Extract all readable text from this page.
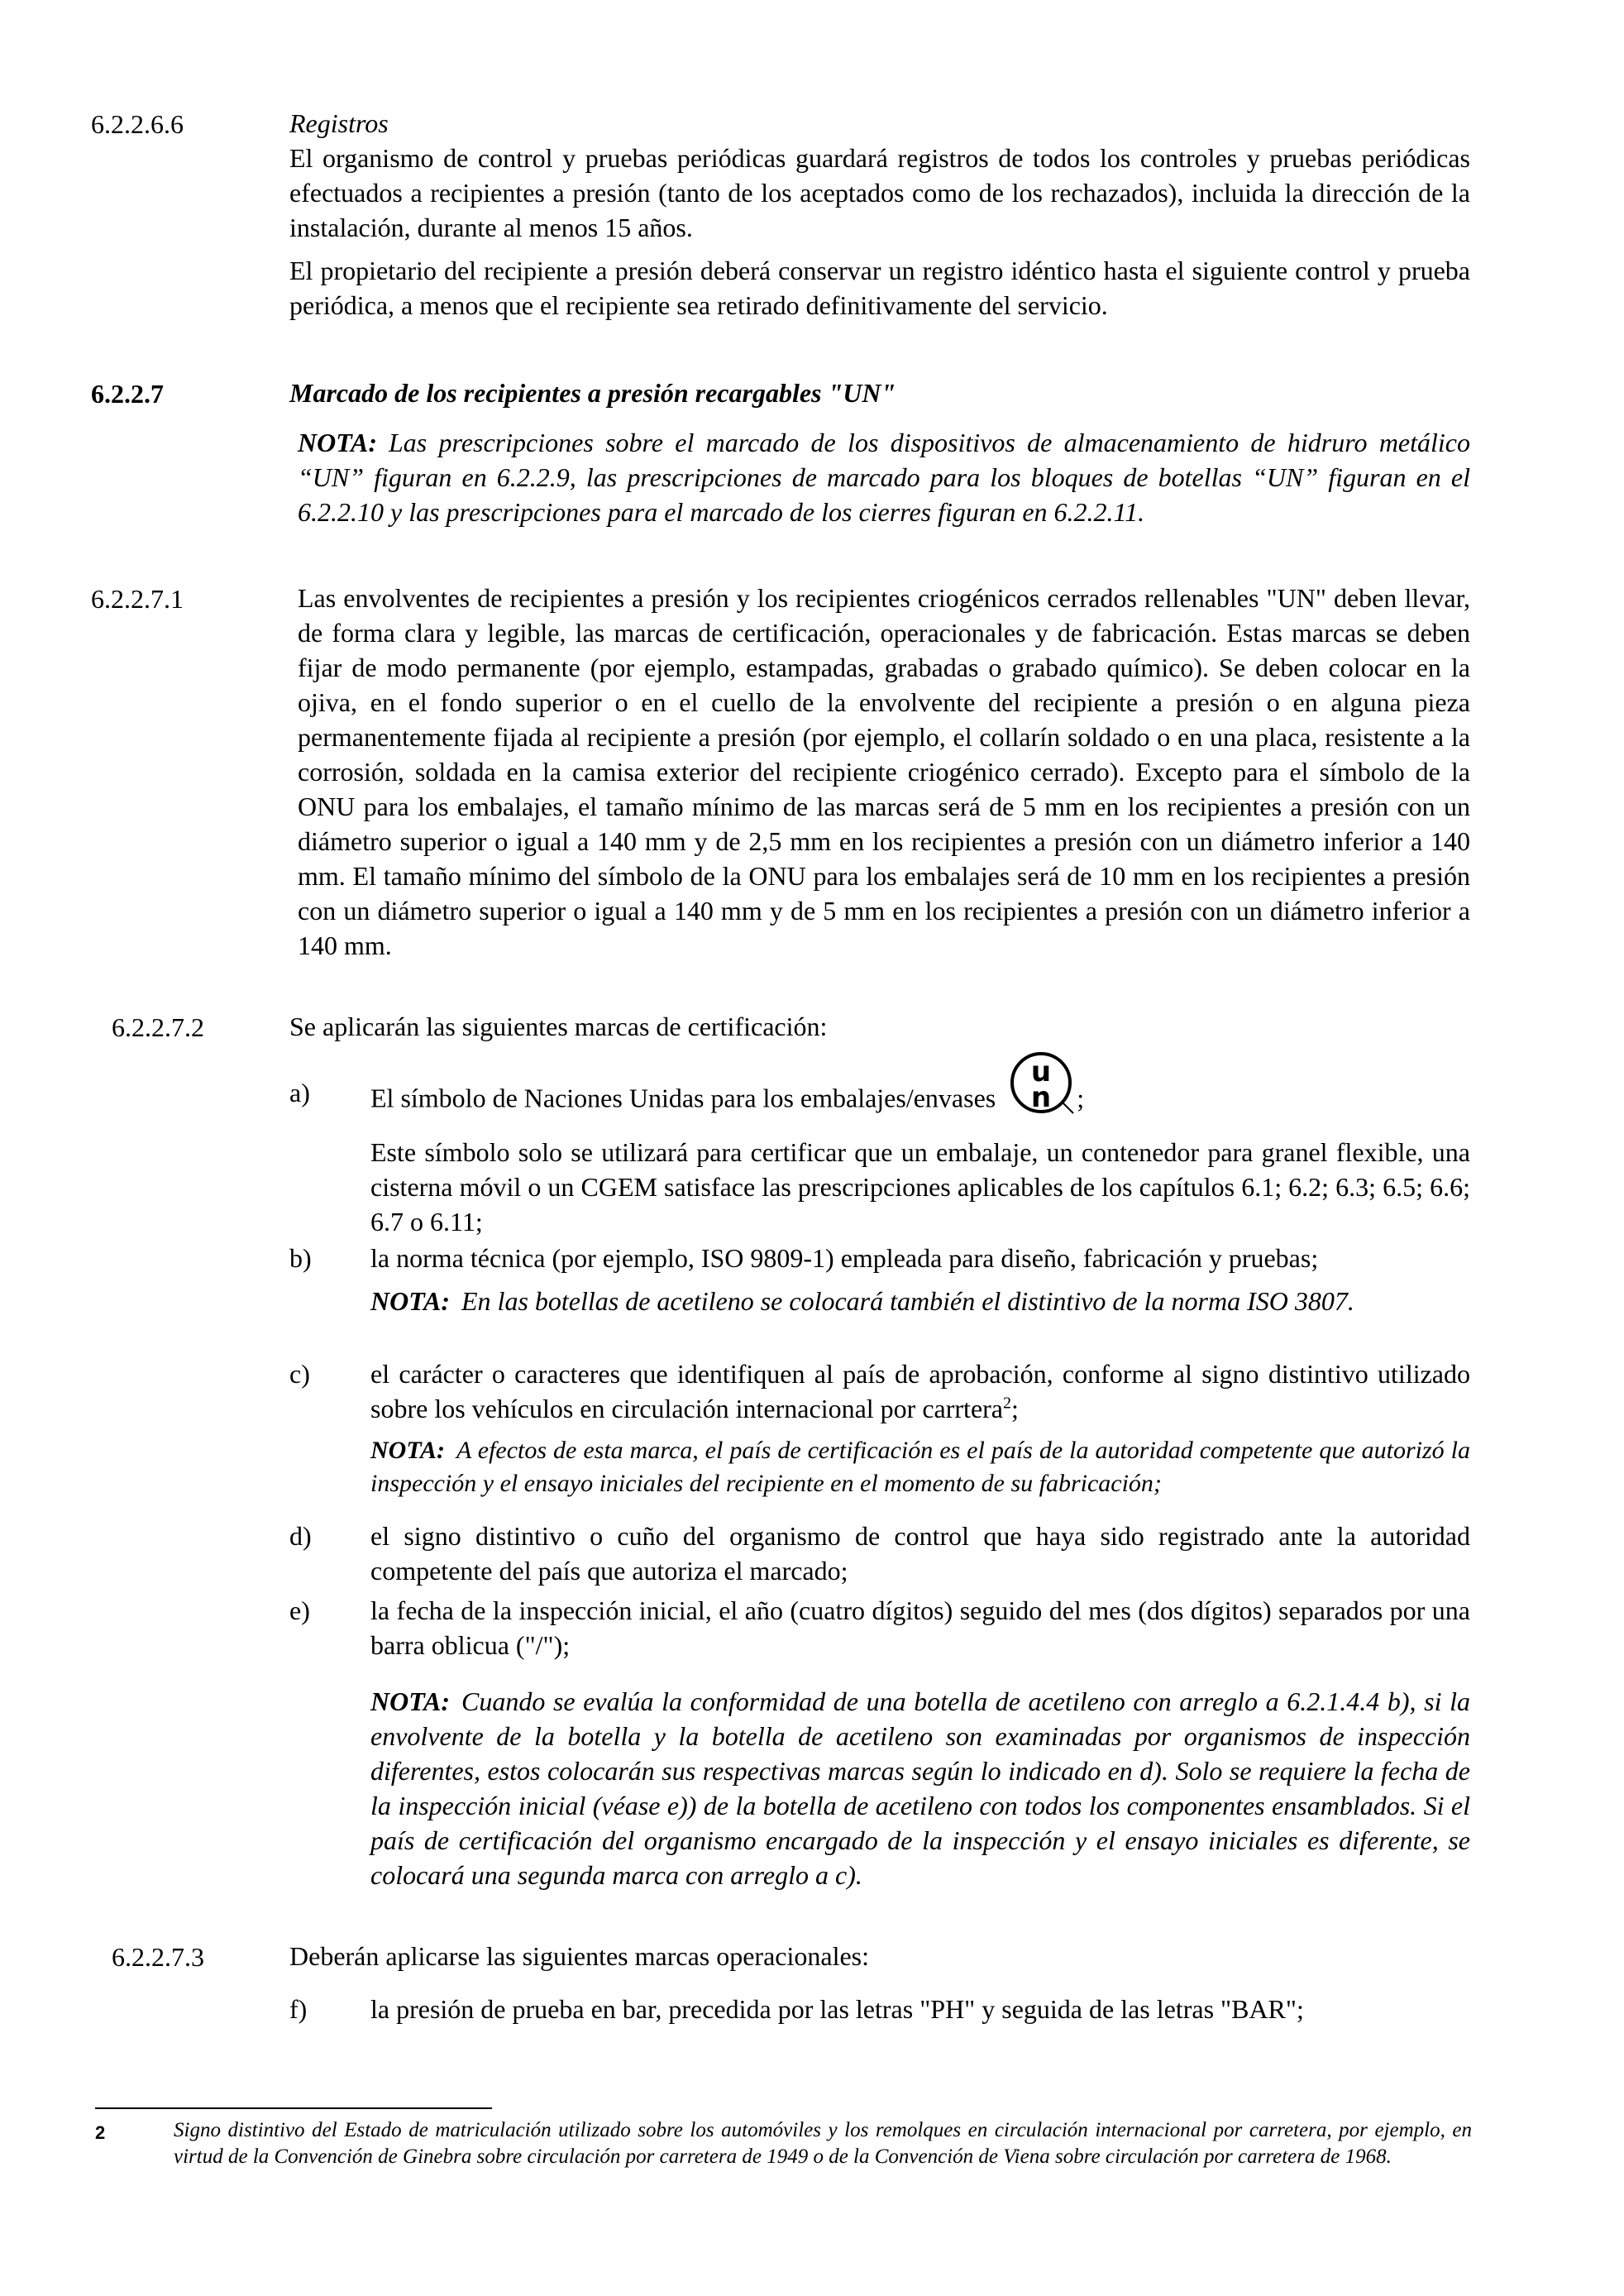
6.2.2.6.6	Registros

El organismo de control y pruebas periódicas guardará registros de todos los controles y pruebas periódicas efectuados a recipientes a presión (tanto de los aceptados como de los rechazados), incluida la dirección de la instalación, durante al menos 15 años.

El propietario del recipiente a presión deberá conservar un registro idéntico hasta el siguiente control y prueba periódica, a menos que el recipiente sea retirado definitivamente del servicio.

6.2.2.7	Marcado de los recipientes a presión recargables "UN"
NOTA: Las prescripciones sobre el marcado de los dispositivos de almacenamiento de hidruro metálico “UN” figuran en 6.2.2.9, las prescripciones de marcado para los bloques de botellas “UN” figuran en el 6.2.2.10 y las prescripciones para el marcado de los cierres figuran en 6.2.2.11.
6.2.2.7.1	Las envolventes de recipientes a presión y los recipientes criogénicos cerrados rellenables "UN" deben llevar, de forma clara y legible, las marcas de certificación, operacionales y de fabricación. Estas marcas se deben fijar de modo permanente (por ejemplo, estampadas, grabadas o grabado químico). Se deben colocar en la ojiva, en el fondo superior o en el cuello de la envolvente del recipiente a presión o en alguna pieza permanentemente fijada al recipiente a presión (por ejemplo, el collarín soldado o en una placa, resistente a la corrosión, soldada en la camisa exterior del recipiente criogénico cerrado). Excepto para el símbolo de la ONU para los embalajes, el tamaño mínimo de las marcas será de 5 mm en los recipientes a presión con un diámetro superior o igual a 140 mm y de 2,5 mm en los recipientes a presión con un diámetro inferior a 140 mm. El tamaño mínimo del símbolo de la ONU para los embalajes será de 10 mm en los recipientes a presión con un diámetro superior o igual a 140 mm y de 5 mm en los recipientes a presión con un diámetro inferior a 140 mm.
6.2.2.7.2	Se aplicarán las siguientes marcas de certificación:
a)	El símbolo de Naciones Unidas para los embalajes/envases
u
n ;

Este símbolo solo se utilizará para certificar que un embalaje, un contenedor para granel flexible, una cisterna móvil o un CGEM satisface las prescripciones aplicables de los capítulos 6.1; 6.2; 6.3; 6.5; 6.6; 6.7 o 6.11;

b)	la norma técnica (por ejemplo, ISO 9809-1) empleada para diseño, fabricación y pruebas;

NOTA: En las botellas de acetileno se colocará también el distintivo de la norma ISO 3807.

c)	el carácter o caracteres que identifiquen al país de aprobación, conforme al signo distintivo utilizado sobre los vehículos en circulación internacional por carrtera$^2$;

NOTA: A efectos de esta marca, el país de certificación es el país de la autoridad competente que autorizó la inspección y el ensayo iniciales del recipiente en el momento de su fabricación;

d)	el signo distintivo o cuño del organismo de control que haya sido registrado ante la autoridad competente del país que autoriza el marcado;

e)	la fecha de la inspección inicial, el año (cuatro dígitos) seguido del mes (dos dígitos) separados por una barra oblicua ("/");

NOTA: Cuando se evalúa la conformidad de una botella de acetileno con arreglo a 6.2.1.4.4 b), si la envolvente de la botella y la botella de acetileno son examinadas por organismos de inspección diferentes, estos colocarán sus respectivas marcas según lo indicado en d). Solo se requiere la fecha de la inspección inicial (véase e)) de la botella de acetileno con todos los componentes ensamblados. Si el país de certificación del organismo encargado de la inspección y el ensayo iniciales es diferente, se colocará una segunda marca con arreglo a c).

6.2.2.7.3	Deberán aplicarse las siguientes marcas operacionales:
f)	la presión de prueba en bar, precedida por las letras "PH" y seguida de las letras "BAR";

2	Signo distintivo del Estado de matriculación utilizado sobre los automóviles y los remolques en circulación internacional por carretera, por ejemplo, en virtud de la Convención de Ginebra sobre circulación por carretera de 1949 o de la Convención de Viena sobre circulación por carretera de 1968.
